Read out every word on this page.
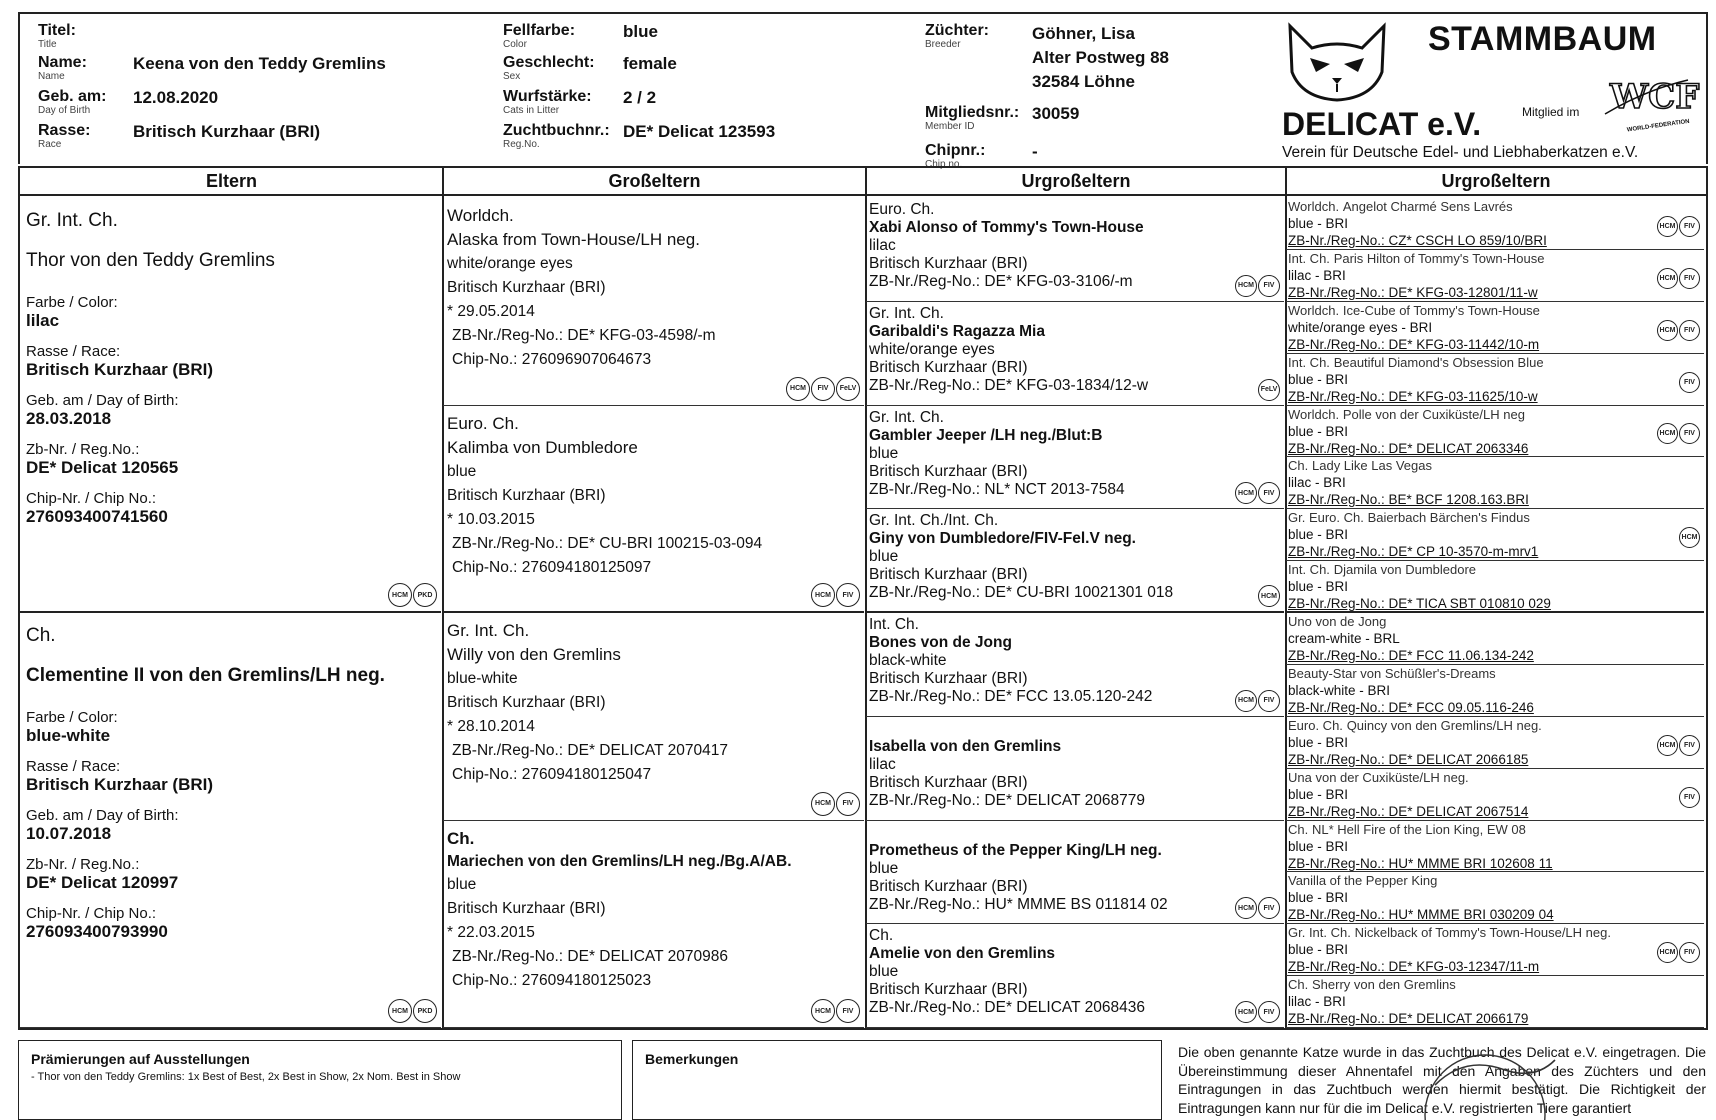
Titel:
Title
Name:
Name
Keena von den Teddy Gremlins
Geb. am:
Day of Birth
12.08.2020
Rasse:
Race
Britisch Kurzhaar (BRI)
Fellfarbe:
Color
blue
Geschlecht:
Sex
female
Wurfstärke:
Cats in Litter
2 / 2
Zuchtbuchnr.:
Reg.No.
DE* Delicat 123593
Züchter:
Breeder
Göhner, Lisa
Alter Postweg 88
32584 Löhne
Mitgliedsnr.:
Member ID
30059
Chipnr.:
Chip no.
-
STAMMBAUM
DELICAT e.V.	Mitglied im WCF
WORLD-FEDERATION
Verein für Deutsche Edel- und Liebhaberkatzen e.V.
Eltern	Großeltern	Urgroßeltern	Urgroßeltern
Gr. Int. Ch.
Thor von den Teddy Gremlins
Farbe / Color:
lilac
Rasse / Race:
Britisch Kurzhaar (BRI)
Geb. am / Day of Birth:
28.03.2018
Zb-Nr. / Reg.No.:
DE* Delicat 120565
Chip-Nr. / Chip No.:
276093400741560
HCM	PKD
Ch.
Clementine II von den Gremlins/LH neg.
Farbe / Color:
blue-white
Rasse / Race:
Britisch Kurzhaar (BRI)
Geb. am / Day of Birth:
10.07.2018
Zb-Nr. / Reg.No.:
DE* Delicat 120997
Chip-Nr. / Chip No.:
276093400793990
HCM	PKD
Worldch.
Alaska from Town-House/LH neg.
white/orange eyes
Britisch Kurzhaar (BRI)
* 29.05.2014
ZB-Nr./Reg-No.: DE* KFG-03-4598/-m
Chip-No.: 276096907064673
HCM	FIV	FeLV
Euro. Ch.
Kalimba von Dumbledore
blue
Britisch Kurzhaar (BRI)
* 10.03.2015
ZB-Nr./Reg-No.: DE* CU-BRI 100215-03-094
Chip-No.: 276094180125097
HCM	FIV
Gr. Int. Ch.
Willy von den Gremlins
blue-white
Britisch Kurzhaar (BRI)
* 28.10.2014
ZB-Nr./Reg-No.: DE* DELICAT 2070417
Chip-No.: 276094180125047
HCM	FIV
Ch.
Mariechen von den Gremlins/LH neg./Bg.A/AB.
blue
Britisch Kurzhaar (BRI)
* 22.03.2015
ZB-Nr./Reg-No.: DE* DELICAT 2070986
Chip-No.: 276094180125023
HCM	FIV
Euro. Ch.
Xabi Alonso of Tommy's Town-House
lilac
Britisch Kurzhaar (BRI)
ZB-Nr./Reg-No.: DE* KFG-03-3106/-m	HCM	FIV
Gr. Int. Ch.
Garibaldi's Ragazza Mia
white/orange eyes
Britisch Kurzhaar (BRI)
ZB-Nr./Reg-No.: DE* KFG-03-1834/12-w	FeLV
Gr. Int. Ch.
Gambler Jeeper /LH neg./Blut:B
blue
Britisch Kurzhaar (BRI)
ZB-Nr./Reg-No.: NL* NCT 2013-7584	HCM	FIV
Gr. Int. Ch./Int. Ch.
Giny von Dumbledore/FIV-Fel.V neg.
blue
Britisch Kurzhaar (BRI)
ZB-Nr./Reg-No.: DE* CU-BRI 10021301 018	HCM
Int. Ch.
Bones von de Jong
black-white
Britisch Kurzhaar (BRI)
ZB-Nr./Reg-No.: DE* FCC 13.05.120-242	HCM	FIV

Isabella von den Gremlins
lilac
Britisch Kurzhaar (BRI)
ZB-Nr./Reg-No.: DE* DELICAT 2068779

Prometheus of the Pepper King/LH neg.
blue
Britisch Kurzhaar (BRI)
ZB-Nr./Reg-No.: HU* MMME BS 011814 02	HCM	FIV
Ch.
Amelie von den Gremlins
blue
Britisch Kurzhaar (BRI)
ZB-Nr./Reg-No.: DE* DELICAT 2068436	HCM	FIV
Worldch. Angelot Charmé Sens Lavrés
blue - BRI
ZB-Nr./Reg-No.: CZ* CSCH LO 859/10/BRI
HCM	FIV
Int. Ch. Paris Hilton of Tommy's Town-House
lilac - BRI
ZB-Nr./Reg-No.: DE* KFG-03-12801/11-w
HCM	FIV
Worldch. Ice-Cube of Tommy's Town-House
white/orange eyes - BRI
ZB-Nr./Reg-No.: DE* KFG-03-11442/10-m
HCM	FIV
Int. Ch. Beautiful Diamond's Obsession Blue
blue - BRI
ZB-Nr./Reg-No.: DE* KFG-03-11625/10-w
FIV
Worldch. Polle von der Cuxiküste/LH neg
blue - BRI
ZB-Nr./Reg-No.: DE* DELICAT 2063346
HCM	FIV
Ch. Lady Like Las Vegas
lilac - BRI
ZB-Nr./Reg-No.: BE* BCF 1208.163.BRI
Gr. Euro. Ch. Baierbach Bärchen's Findus
blue - BRI
ZB-Nr./Reg-No.: DE* CP 10-3570-m-mrv1
HCM
Int. Ch. Djamila von Dumbledore
blue - BRI
ZB-Nr./Reg-No.: DE* TICA SBT 010810 029
Uno von de Jong
cream-white - BRL
ZB-Nr./Reg-No.: DE* FCC 11.06.134-242
Beauty-Star von Schüßler's-Dreams
black-white - BRI
ZB-Nr./Reg-No.: DE* FCC 09.05.116-246
Euro. Ch. Quincy von den Gremlins/LH neg.
blue - BRI
ZB-Nr./Reg-No.: DE* DELICAT 2066185
HCM	FIV
Una von der Cuxiküste/LH neg.
blue - BRI
ZB-Nr./Reg-No.: DE* DELICAT 2067514
FIV
Ch. NL* Hell Fire of the Lion King, EW 08
blue - BRI
ZB-Nr./Reg-No.: HU* MMME BRI 102608 11
Vanilla of the Pepper King
blue - BRI
ZB-Nr./Reg-No.: HU* MMME BRI 030209 04
Gr. Int. Ch. Nickelback of Tommy's Town-House/LH neg.
blue - BRI
ZB-Nr./Reg-No.: DE* KFG-03-12347/11-m
HCM	FIV
Ch. Sherry von den Gremlins
lilac - BRI
ZB-Nr./Reg-No.: DE* DELICAT 2066179
Prämierungen auf Ausstellungen
- Thor von den Teddy Gremlins: 1x Best of Best, 2x Best in Show, 2x Nom. Best in Show
Bemerkungen	Die oben genannte Katze wurde in das Zuchtbuch des Delicat e.V. eingetragen. Die Übereinstimmung dieser Ahnentafel mit den Angaben des Züchters und den Eintragungen in das Zuchtbuch werden hiermit bestätigt. Die Richtigkeit der Eintragungen kann nur für die im Delicat e.V. registrierten Tiere garantiert
